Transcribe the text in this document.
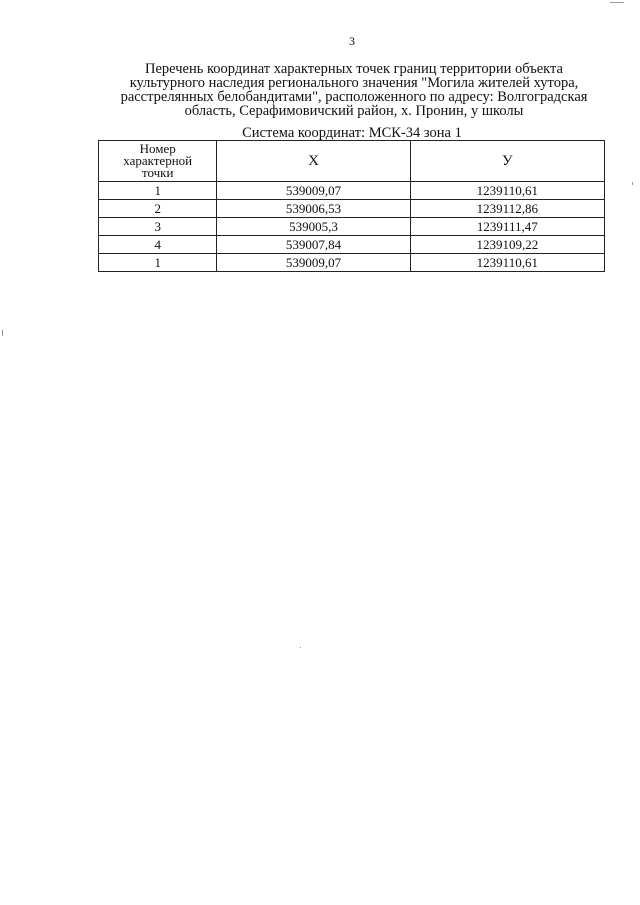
3
Перечень координат характерных точек границ территории объекта
культурного наследия регионального значения "Могила жителей хутора,
расстрелянных белобандитами", расположенного по адресу: Волгоградская
область, Серафимовичский район, х. Пронин, у школы
Система координат: МСК-34 зона 1
Номер
характерной
точки	Х	У
1	539009,07	1239110,61
2	539006,53	1239112,86
3	539005,3	1239111,47
4	539007,84	1239109,22
1	539009,07	1239110,61
